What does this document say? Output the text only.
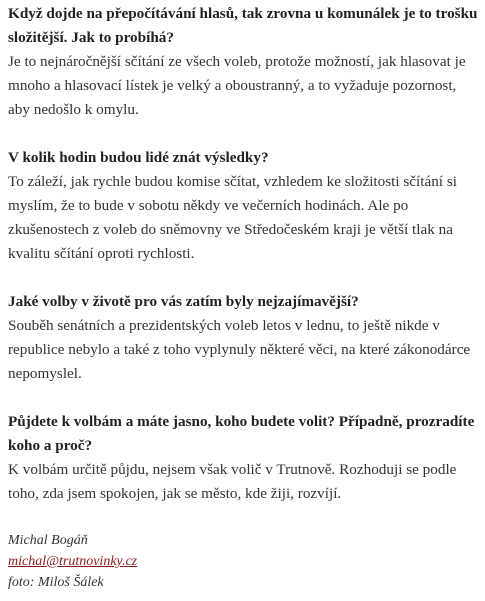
Když dojde na přepočítávání hlasů, tak zrovna u komunálek je to trošku složitější. Jak to probíhá?
Je to nejnáročnější sčítání ze všech voleb, protože možností, jak hlasovat je mnoho a hlasovací lístek je velký a oboustranný, a to vyžaduje pozornost, aby nedošlo k omylu.
V kolik hodin budou lidé znát výsledky?
To záleží, jak rychle budou komise sčítat, vzhledem ke složitosti sčítání si myslím, že to bude v sobotu někdy ve večerních hodinách. Ale po zkušenostech z voleb do sněmovny ve Středočeském kraji je větší tlak na kvalitu sčítání oproti rychlosti.
Jaké volby v životě pro vás zatím byly nejzajímavější?
Souběh senátních a prezidentských voleb letos v lednu, to ještě nikde v republice nebylo a také z toho vyplynuly některé věci, na které zákonodárce nepomyslel.
Půjdete k volbám a máte jasno, koho budete volit? Případně, prozradíte koho a proč?
K volbám určitě půjdu, nejsem však volič v Trutnově. Rozhoduji se podle toho, zda jsem spokojen, jak se město, kde žiji, rozvíjí.
Michal Bogáň
michal@trutnovinky.cz
foto: Miloš Šálek
